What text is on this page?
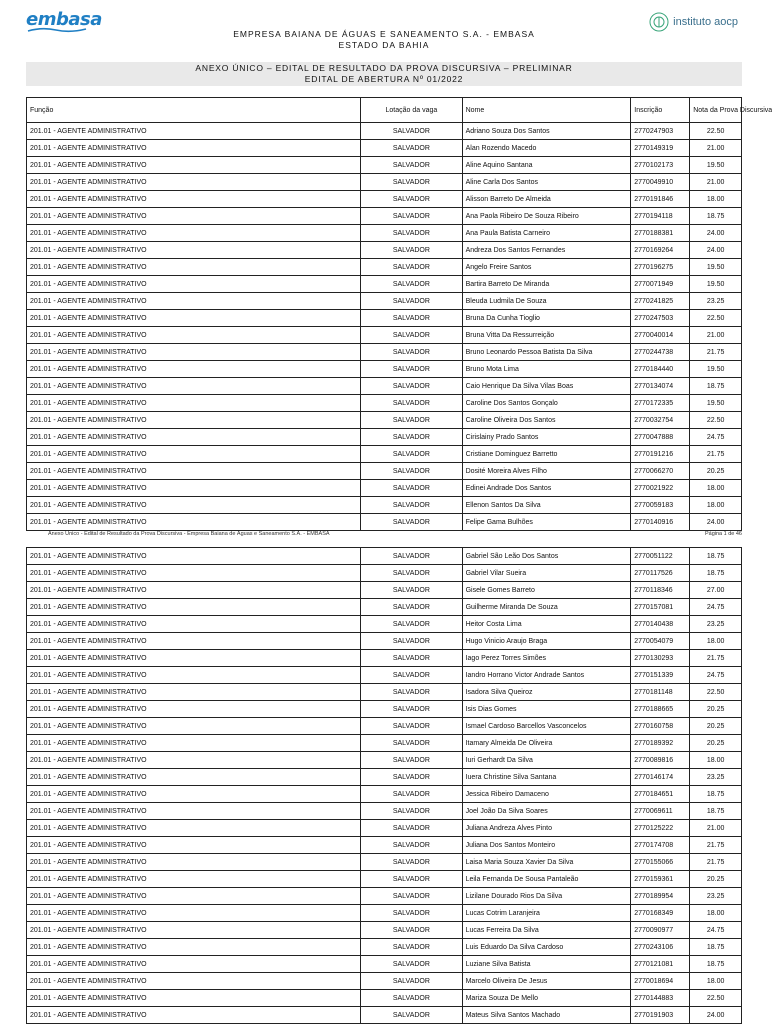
embasa	instituto aocp
EMPRESA BAIANA DE ÁGUAS E SANEAMENTO S.A. - EMBASA
ESTADO DA BAHIA
ANEXO ÚNICO – EDITAL DE RESULTADO DA PROVA DISCURSIVA – PRELIMINAR
EDITAL DE ABERTURA Nº 01/2022
Função	Lotação da vaga	Nome	Inscrição	Nota da Prova Discursiva
201.01 - AGENTE ADMINISTRATIVO	SALVADOR	Adriano Souza Dos Santos	2770247903	22.50
201.01 - AGENTE ADMINISTRATIVO	SALVADOR	Alan Rozendo Macedo	2770149319	21.00
201.01 - AGENTE ADMINISTRATIVO	SALVADOR	Aline Aquino Santana	2770102173	19.50
201.01 - AGENTE ADMINISTRATIVO	SALVADOR	Aline Carla Dos Santos	2770049910	21.00
201.01 - AGENTE ADMINISTRATIVO	SALVADOR	Alisson Barreto De Almeida	2770191846	18.00
201.01 - AGENTE ADMINISTRATIVO	SALVADOR	Ana Paola Ribeiro De Souza Ribeiro	2770194118	18.75
201.01 - AGENTE ADMINISTRATIVO	SALVADOR	Ana Paula Batista Carneiro	2770188381	24.00
201.01 - AGENTE ADMINISTRATIVO	SALVADOR	Andreza Dos Santos Fernandes	2770169264	24.00
201.01 - AGENTE ADMINISTRATIVO	SALVADOR	Angelo Freire Santos	2770196275	19.50
201.01 - AGENTE ADMINISTRATIVO	SALVADOR	Bartira Barreto De Miranda	2770071949	19.50
201.01 - AGENTE ADMINISTRATIVO	SALVADOR	Bleuda Ludmila De Souza	2770241825	23.25
201.01 - AGENTE ADMINISTRATIVO	SALVADOR	Bruna Da Cunha Tioglio	2770247503	22.50
201.01 - AGENTE ADMINISTRATIVO	SALVADOR	Bruna Vitta Da Ressurreição	2770040014	21.00
201.01 - AGENTE ADMINISTRATIVO	SALVADOR	Bruno Leonardo Pessoa Batista Da Silva	2770244738	21.75
201.01 - AGENTE ADMINISTRATIVO	SALVADOR	Bruno Mota Lima	2770184440	19.50
201.01 - AGENTE ADMINISTRATIVO	SALVADOR	Caio Henrique Da Silva Vilas Boas	2770134074	18.75
201.01 - AGENTE ADMINISTRATIVO	SALVADOR	Caroline Dos Santos Gonçalo	2770172335	19.50
201.01 - AGENTE ADMINISTRATIVO	SALVADOR	Caroline Oliveira Dos Santos	2770032754	22.50
201.01 - AGENTE ADMINISTRATIVO	SALVADOR	Cirislainy Prado Santos	2770047888	24.75
201.01 - AGENTE ADMINISTRATIVO	SALVADOR	Cristiane Dominguez Barretto	2770191216	21.75
201.01 - AGENTE ADMINISTRATIVO	SALVADOR	Dosité Moreira Alves Filho	2770066270	20.25
201.01 - AGENTE ADMINISTRATIVO	SALVADOR	Edinei Andrade Dos Santos	2770021922	18.00
201.01 - AGENTE ADMINISTRATIVO	SALVADOR	Ellenon Santos Da Silva	2770059183	18.00
201.01 - AGENTE ADMINISTRATIVO	SALVADOR	Felipe Gama Bulhões	2770140916	24.00
Anexo Único - Edital de Resultado da Prova Discursiva - Empresa Baiana de Águas e Saneamento S.A. - EMBASA	Página 1 de 46
201.01 - AGENTE ADMINISTRATIVO	SALVADOR	Gabriel São Leão Dos Santos	2770051122	18.75
201.01 - AGENTE ADMINISTRATIVO	SALVADOR	Gabriel Vilar Sueira	2770117526	18.75
201.01 - AGENTE ADMINISTRATIVO	SALVADOR	Gisele Gomes Barreto	2770118346	27.00
201.01 - AGENTE ADMINISTRATIVO	SALVADOR	Guilherme Miranda De Souza	2770157081	24.75
201.01 - AGENTE ADMINISTRATIVO	SALVADOR	Heitor Costa Lima	2770140438	23.25
201.01 - AGENTE ADMINISTRATIVO	SALVADOR	Hugo Vinicio Araujo Braga	2770054079	18.00
201.01 - AGENTE ADMINISTRATIVO	SALVADOR	Iago Perez Torres Simões	2770130293	21.75
201.01 - AGENTE ADMINISTRATIVO	SALVADOR	Iandro Horrano Victor Andrade Santos	2770151339	24.75
201.01 - AGENTE ADMINISTRATIVO	SALVADOR	Isadora Silva Queiroz	2770181148	22.50
201.01 - AGENTE ADMINISTRATIVO	SALVADOR	Isis Dias Gomes	2770188665	20.25
201.01 - AGENTE ADMINISTRATIVO	SALVADOR	Ismael Cardoso Barcellos Vasconcelos	2770160758	20.25
201.01 - AGENTE ADMINISTRATIVO	SALVADOR	Itamary Almeida De Oliveira	2770189392	20.25
201.01 - AGENTE ADMINISTRATIVO	SALVADOR	Iuri Gerhardt Da Silva	2770089816	18.00
201.01 - AGENTE ADMINISTRATIVO	SALVADOR	Iuera Christine Silva Santana	2770146174	23.25
201.01 - AGENTE ADMINISTRATIVO	SALVADOR	Jessica Ribeiro Damaceno	2770184651	18.75
201.01 - AGENTE ADMINISTRATIVO	SALVADOR	Joel João Da Silva Soares	2770069611	18.75
201.01 - AGENTE ADMINISTRATIVO	SALVADOR	Juliana Andreza Alves Pinto	2770125222	21.00
201.01 - AGENTE ADMINISTRATIVO	SALVADOR	Juliana Dos Santos Monteiro	2770174708	21.75
201.01 - AGENTE ADMINISTRATIVO	SALVADOR	Laisa Maria Souza Xavier Da Silva	2770155066	21.75
201.01 - AGENTE ADMINISTRATIVO	SALVADOR	Leila Fernanda De Sousa Pantaleão	2770159361	20.25
201.01 - AGENTE ADMINISTRATIVO	SALVADOR	Lizilane Dourado Rios Da Silva	2770189954	23.25
201.01 - AGENTE ADMINISTRATIVO	SALVADOR	Lucas Cotrim Laranjeira	2770168349	18.00
201.01 - AGENTE ADMINISTRATIVO	SALVADOR	Lucas Ferreira Da Silva	2770090977	24.75
201.01 - AGENTE ADMINISTRATIVO	SALVADOR	Luis Eduardo Da Silva Cardoso	2770243106	18.75
201.01 - AGENTE ADMINISTRATIVO	SALVADOR	Luziane Silva Batista	2770121081	18.75
201.01 - AGENTE ADMINISTRATIVO	SALVADOR	Marcelo Oliveira De Jesus	2770018694	18.00
201.01 - AGENTE ADMINISTRATIVO	SALVADOR	Mariza Souza De Mello	2770144883	22.50
201.01 - AGENTE ADMINISTRATIVO	SALVADOR	Mateus Silva Santos Machado	2770191903	24.00
